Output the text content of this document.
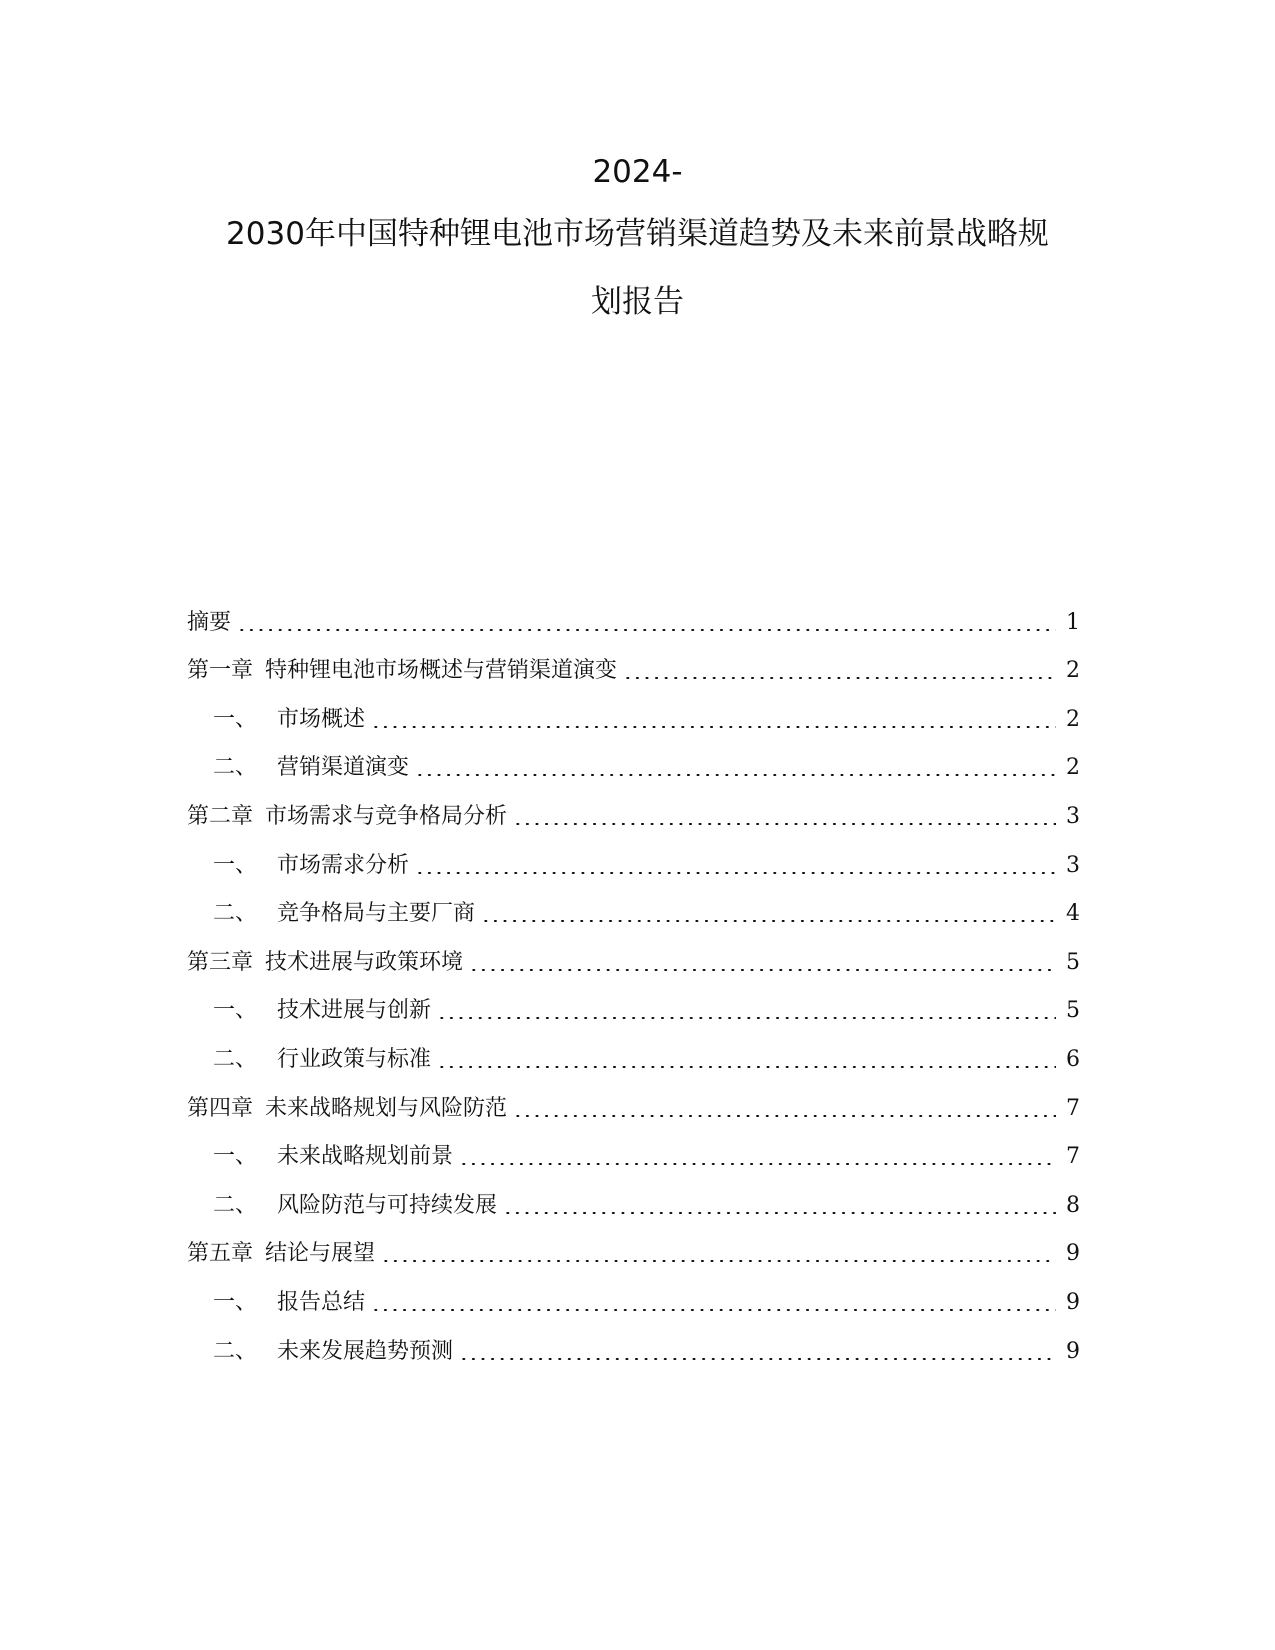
2024-
2030年中国特种锂电池市场营销渠道趋势及未来前景战略规
划报告
摘要	1
第一章 特种锂电池市场概述与营销渠道演变	2
一、 市场概述	2
二、 营销渠道演变	2
第二章 市场需求与竞争格局分析	3
一、 市场需求分析	3
二、 竞争格局与主要厂商	4
第三章 技术进展与政策环境	5
一、 技术进展与创新	5
二、 行业政策与标准	6
第四章 未来战略规划与风险防范	7
一、 未来战略规划前景	7
二、 风险防范与可持续发展	8
第五章 结论与展望	9
一、 报告总结	9
二、 未来发展趋势预测	9
